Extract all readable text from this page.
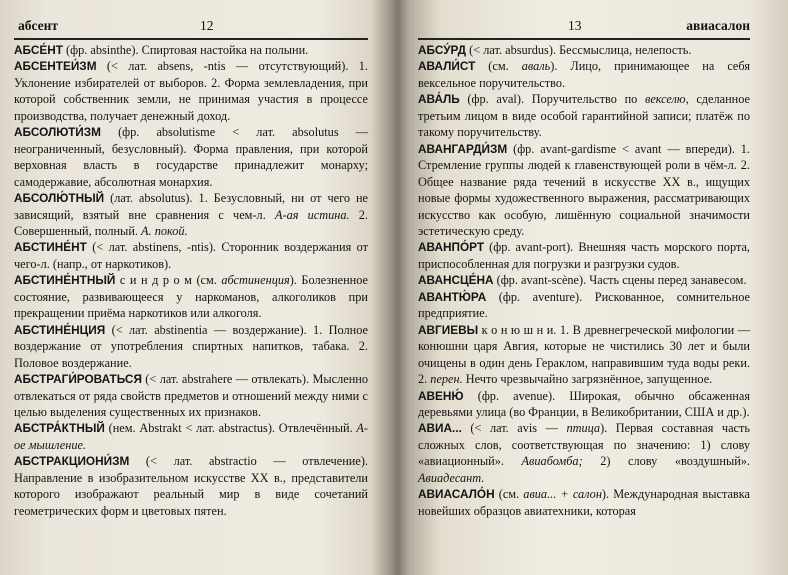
абсент	12

АБСЕ́НТ (фр. absinthe). Спиртовая настойка на полыни.

АБСЕНТЕИ́ЗМ (< лат. absens, -ntis — отсутствующий). 1. Уклонение избирателей от выборов. 2. Форма землевладения, при которой собственник земли, не принимая участия в процессе производства, получает денежный доход.

АБСОЛЮТИ́ЗМ (фр. absolutisme < лат. absolutus — неограниченный, безусловный). Форма правления, при которой верховная власть в государстве принадлежит монарху; самодержавие, абсолютная монархия.

АБСОЛЮ́ТНЫЙ (лат. absolutus). 1. Безусловный, ни от чего не зависящий, взятый вне сравнения с чем-л. А-ая истина. 2. Совершенный, полный. А. покой.

АБСТИНЕ́НТ (< лат. abstinens, -ntis). Сторонник воздержания от чего-л. (напр., от наркотиков).

АБСТИНЕ́НТНЫЙ с и н д р о м (см. абстиненция). Болезненное состояние, развивающееся у наркоманов, алкоголиков при прекращении приёма наркотиков или алкоголя.

АБСТИНЕ́НЦИЯ (< лат. abstinentia — воздержание). 1. Полное воздержание от употребления спиртных напитков, табака. 2. Половое воздержание.

АБСТРАГИ́РОВАТЬСЯ (< лат. abstrahere — отвлекать). Мысленно отвлекаться от ряда свойств предметов и отношений между ними с целью выделения существенных их признаков.

АБСТРА́КТНЫЙ (нем. Abstrakt < лат. abstractus). Отвлечённый. А-ое мышление.

АБСТРАКЦИОНИ́ЗМ (< лат. abstractio — отвлечение). Направление в изобразительном искусстве XX в., представители которого изображают реальный мир в виде сочетаний геометрических форм и цветовых пятен.

13	авиасалон

АБСУ́РД (< лат. absurdus). Бессмыслица, нелепость.

АВАЛИ́СТ (см. аваль). Лицо, принимающее на себя вексельное поручительство.

АВА́ЛЬ (фр. aval). Поручительство по векселю, сделанное третьим лицом в виде особой гарантийной записи; платёж по такому поручительству.

АВАНГАРДИ́ЗМ (фр. avant-gardisme < avant — впереди). 1. Стремление группы людей к главенствующей роли в чём-л. 2. Общее название ряда течений в искусстве XX в., ищущих новые формы художественного выражения, рассматривающих искусство как особую, лишённую социальной значимости эстетическую среду.

АВАНПО́РТ (фр. avant-port). Внешняя часть морского порта, приспособленная для погрузки и разгрузки судов.

АВАНСЦЕ́НА (фр. avant-scène). Часть сцены перед занавесом.

АВАНТЮ́РА (фр. aventure). Рискованное, сомнительное предприятие.

АВГИЕВЫ к о н ю ш н и. 1. В древнегреческой мифологии — конюшни царя Авгия, которые не чистились 30 лет и были очищены в один день Гераклом, направившим туда воды реки. 2. перен. Нечто чрезвычайно загрязнённое, запущенное.

АВЕНЮ́ (фр. avenue). Широкая, обычно обсаженная деревьями улица (во Франции, в Великобритании, США и др.).

АВИА... (< лат. avis — птица). Первая составная часть сложных слов, соответствующая по значению: 1) слову «авиационный». Авиабомба; 2) слову «воздушный». Авиадесант.

АВИАСАЛО́Н (см. авиа... + салон). Международная выставка новейших образцов авиатехники, которая
